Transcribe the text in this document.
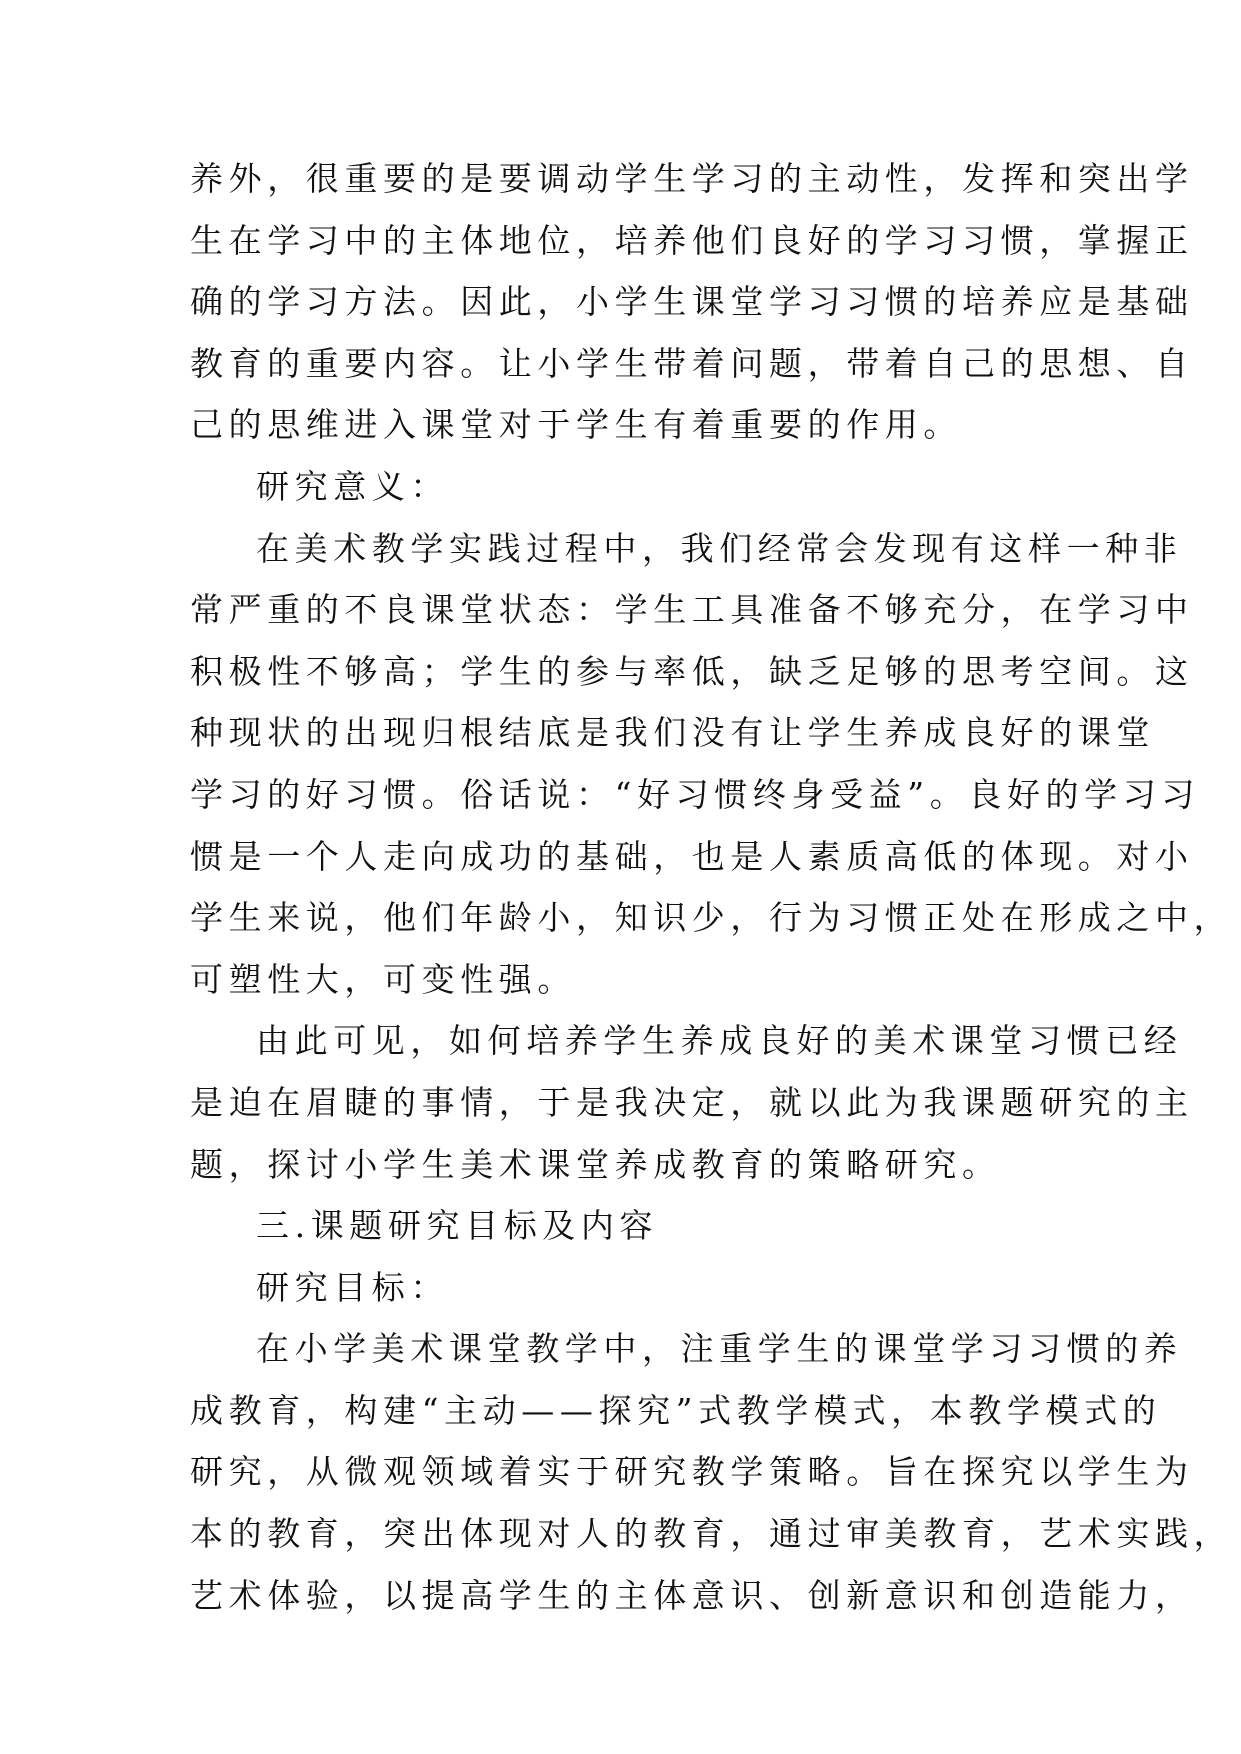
养外，很重要的是要调动学生学习的主动性，发挥和突出学
生在学习中的主体地位，培养他们良好的学习习惯，掌握正
确的学习方法。因此，小学生课堂学习习惯的培养应是基础
教育的重要内容。让小学生带着问题，带着自己的思想、自
己的思维进入课堂对于学生有着重要的作用。
研究意义：
在美术教学实践过程中，我们经常会发现有这样一种非
常严重的不良课堂状态：学生工具准备不够充分，在学习中
积极性不够高；学生的参与率低，缺乏足够的思考空间。这
种现状的出现归根结底是我们没有让学生养成良好的课堂
学习的好习惯。俗话说：“好习惯终身受益”。良好的学习习
惯是一个人走向成功的基础，也是人素质高低的体现。对小
学生来说，他们年龄小，知识少，行为习惯正处在形成之中，
可塑性大，可变性强。
由此可见，如何培养学生养成良好的美术课堂习惯已经
是迫在眉睫的事情，于是我决定，就以此为我课题研究的主
题，探讨小学生美术课堂养成教育的策略研究。
三.课题研究目标及内容
研究目标：
在小学美术课堂教学中，注重学生的课堂学习习惯的养
成教育，构建“主动——探究”式教学模式，本教学模式的
研究，从微观领域着实于研究教学策略。旨在探究以学生为
本的教育，突出体现对人的教育，通过审美教育，艺术实践，
艺术体验，以提高学生的主体意识、创新意识和创造能力，
